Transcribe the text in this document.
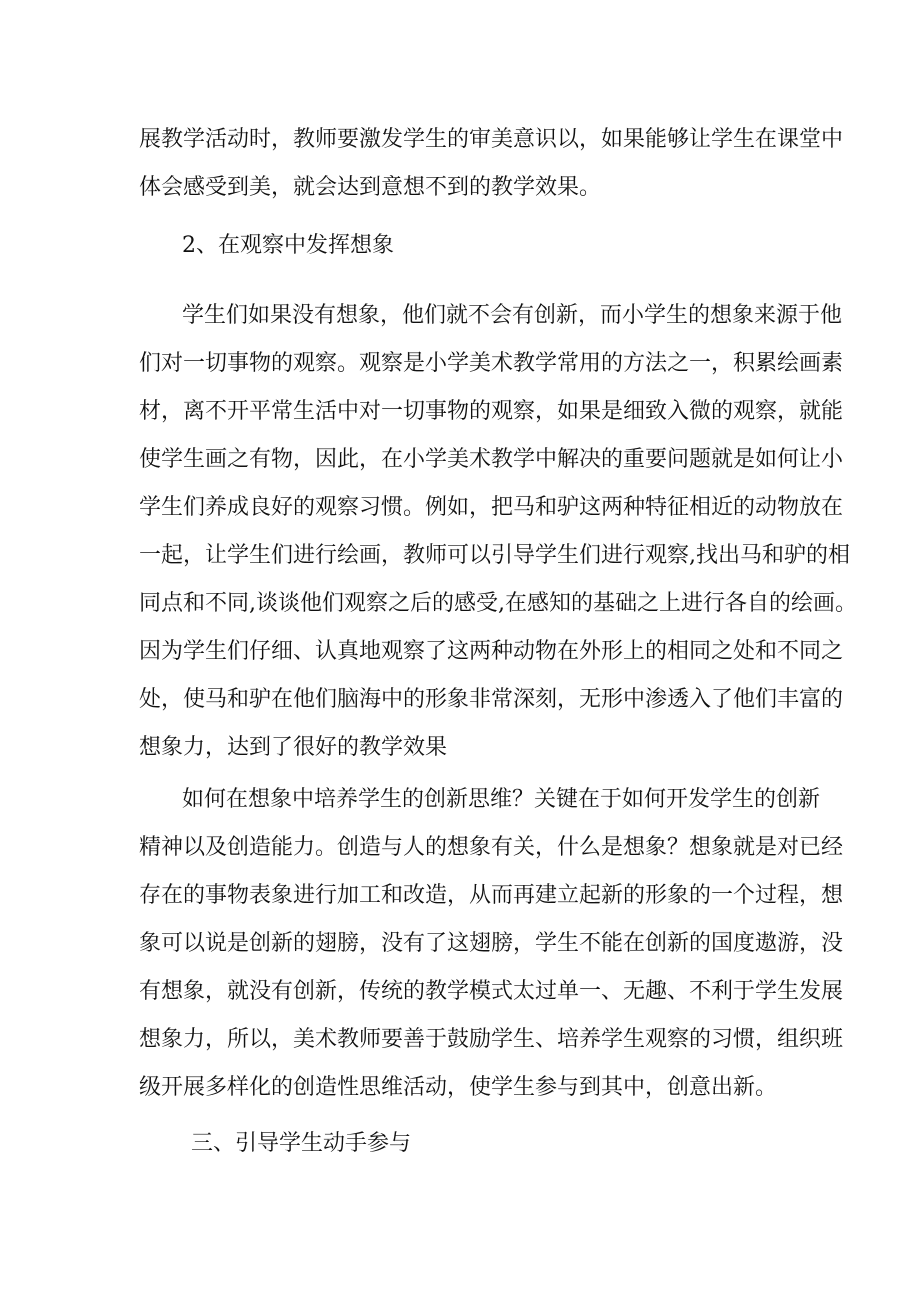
展教学活动时，教师要激发学生的审美意识以，如果能够让学生在课堂中
体会感受到美，就会达到意想不到的教学效果。
2、在观察中发挥想象
学生们如果没有想象，他们就不会有创新，而小学生的想象来源于他
们对一切事物的观察。观察是小学美术教学常用的方法之一，积累绘画素
材，离不开平常生活中对一切事物的观察，如果是细致入微的观察，就能
使学生画之有物，因此，在小学美术教学中解决的重要问题就是如何让小
学生们养成良好的观察习惯。例如，把马和驴这两种特征相近的动物放在
一起，让学生们进行绘画，教师可以引导学生们进行观察,找出马和驴的相
同点和不同,谈谈他们观察之后的感受,在感知的基础之上进行各自的绘画。
因为学生们仔细、认真地观察了这两种动物在外形上的相同之处和不同之
处，使马和驴在他们脑海中的形象非常深刻，无形中渗透入了他们丰富的
想象力，达到了很好的教学效果
如何在想象中培养学生的创新思维？关键在于如何开发学生的创新
精神以及创造能力。创造与人的想象有关，什么是想象？想象就是对已经
存在的事物表象进行加工和改造，从而再建立起新的形象的一个过程，想
象可以说是创新的翅膀，没有了这翅膀，学生不能在创新的国度遨游，没
有想象，就没有创新，传统的教学模式太过单一、无趣、不利于学生发展
想象力，所以，美术教师要善于鼓励学生、培养学生观察的习惯，组织班
级开展多样化的创造性思维活动，使学生参与到其中，创意出新。
三、引导学生动手参与
